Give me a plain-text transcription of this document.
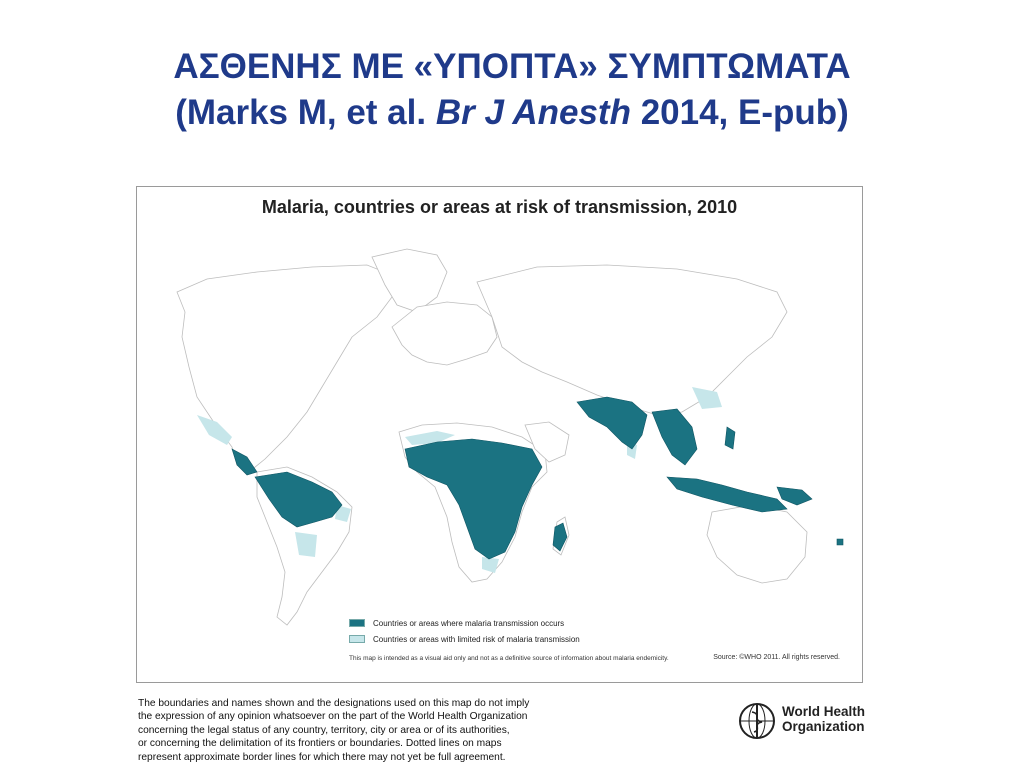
ΑΣΘΕΝΗΣ ΜΕ «ΥΠΟΠΤΑ» ΣΥΜΠΤΩΜΑΤΑ
(Marks M, et al. Br J Anesth 2014, E-pub)
Malaria, countries or areas at risk of transmission, 2010
Countries or areas where malaria transmission occurs
Countries or areas with limited risk of malaria transmission
This map is intended as a visual aid only and not as a definitive source of information about malaria endemicity.	Source: ©WHO 2011. All rights reserved.
The boundaries and names shown and the designations used on this map do not imply
the expression of any opinion whatsoever on the part of the World Health Organization
concerning the legal status of any country, territory, city or area or of its authorities,
or concerning the delimitation of its frontiers or boundaries. Dotted lines on maps
represent approximate border lines for which there may not yet be full agreement.
World Health
Organization
